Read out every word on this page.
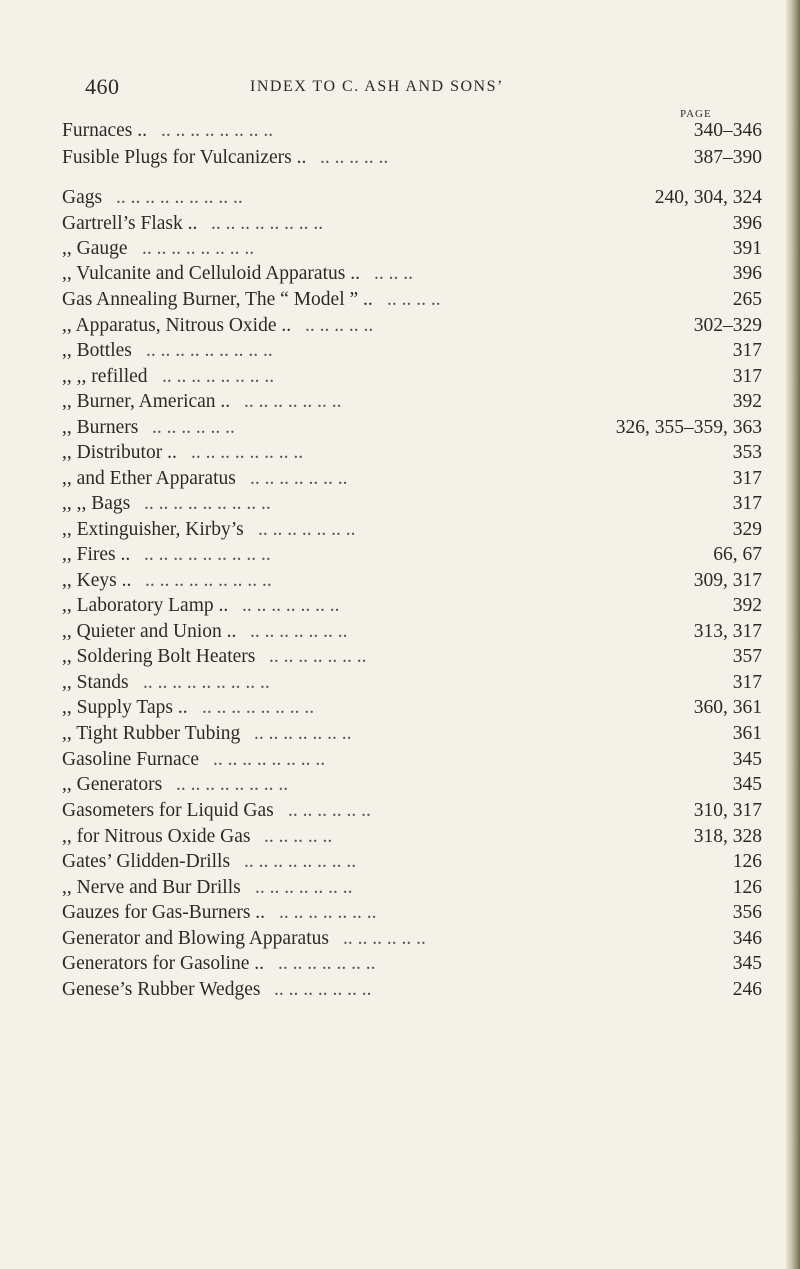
460	INDEX TO C. ASH AND SONS’
PAGE
Furnaces ..	340–346
.. .. .. .. .. .. .. ..
Fusible Plugs for Vulcanizers ..	387–390
.. .. .. .. ..
Gags	240, 304, 324
.. .. .. .. .. .. .. .. ..
Gartrell’s Flask ..	396
.. .. .. .. .. .. .. ..
,, Gauge	391
.. .. .. .. .. .. .. ..
,, Vulcanite and Celluloid Apparatus ..	396
.. .. ..
Gas Annealing Burner, The “ Model ” ..	265
.. .. .. ..
,, Apparatus, Nitrous Oxide ..	302–329
.. .. .. .. ..
,, Bottles	317
.. .. .. .. .. .. .. .. ..
,, ,, refilled	317
.. .. .. .. .. .. .. ..
,, Burner, American ..	392
.. .. .. .. .. .. ..
,, Burners	326, 355–359, 363
.. .. .. .. .. ..
,, Distributor ..	353
.. .. .. .. .. .. .. ..
,, and Ether Apparatus	317
.. .. .. .. .. .. ..
,, ,, Bags	317
.. .. .. .. .. .. .. .. ..
,, Extinguisher, Kirby’s	329
.. .. .. .. .. .. ..
,, Fires ..	66, 67
.. .. .. .. .. .. .. .. ..
,, Keys ..	309, 317
.. .. .. .. .. .. .. .. ..
,, Laboratory Lamp ..	392
.. .. .. .. .. .. ..
,, Quieter and Union ..	313, 317
.. .. .. .. .. .. ..
,, Soldering Bolt Heaters	357
.. .. .. .. .. .. ..
,, Stands	317
.. .. .. .. .. .. .. .. ..
,, Supply Taps ..	360, 361
.. .. .. .. .. .. .. ..
,, Tight Rubber Tubing	361
.. .. .. .. .. .. ..
Gasoline Furnace	345
.. .. .. .. .. .. .. ..
,, Generators	345
.. .. .. .. .. .. .. ..
Gasometers for Liquid Gas	310, 317
.. .. .. .. .. ..
,, for Nitrous Oxide Gas	318, 328
.. .. .. .. ..
Gates’ Glidden-Drills	126
.. .. .. .. .. .. .. ..
,, Nerve and Bur Drills	126
.. .. .. .. .. .. ..
Gauzes for Gas-Burners ..	356
.. .. .. .. .. .. ..
Generator and Blowing Apparatus	346
.. .. .. .. .. ..
Generators for Gasoline ..	345
.. .. .. .. .. .. ..
Genese’s Rubber Wedges	246
.. .. .. .. .. .. ..
